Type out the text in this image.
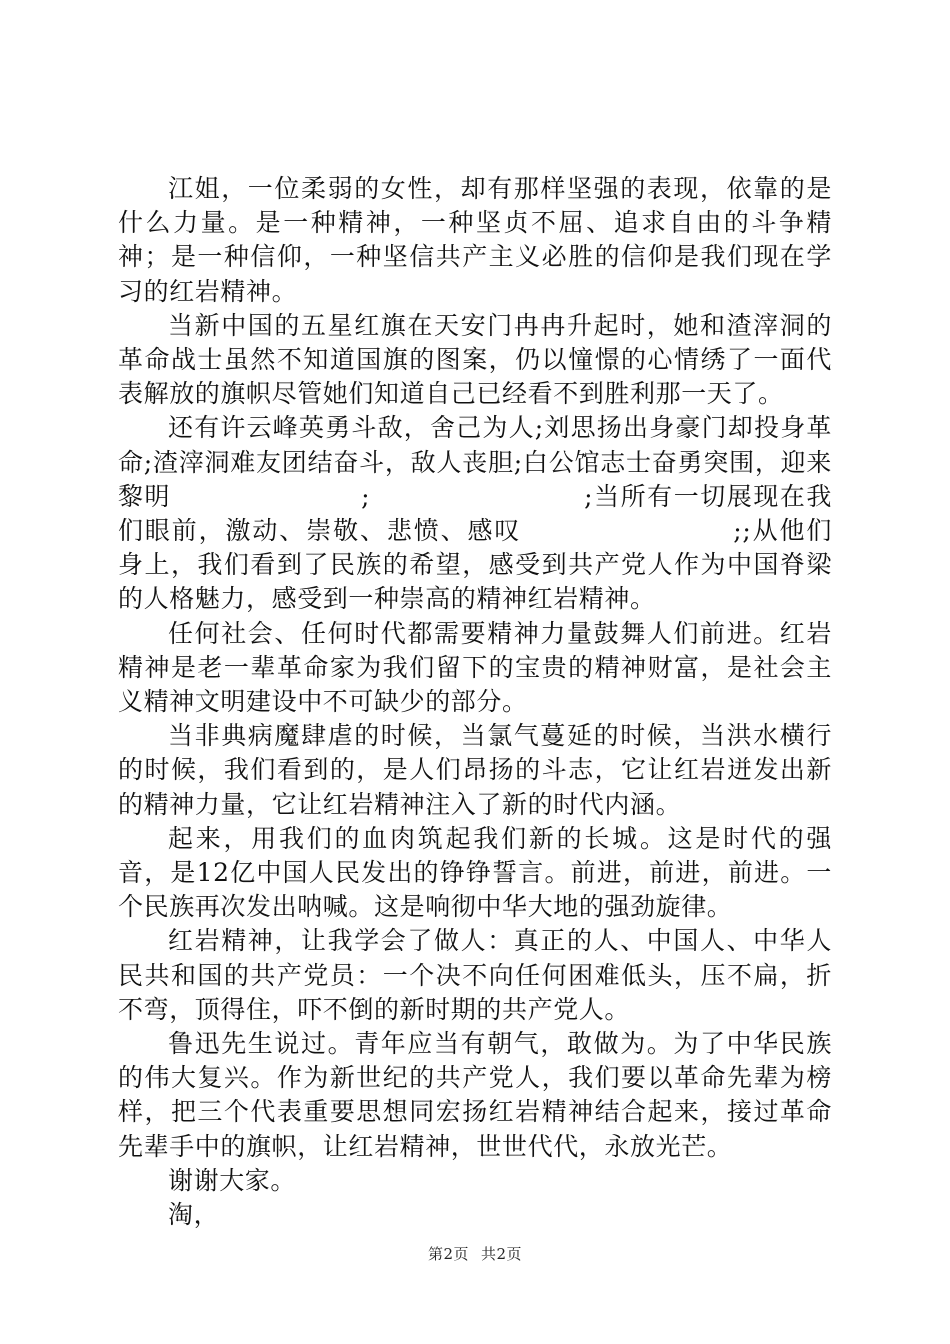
江姐，一位柔弱的女性，却有那样坚强的表现，依靠的是什么力量。是一种精神，一种坚贞不屈、追求自由的斗争精神；是一种信仰，一种坚信共产主义必胜的信仰是我们现在学习的红岩精神。

当新中国的五星红旗在天安门冉冉升起时，她和渣滓洞的革命战士虽然不知道国旗的图案，仍以憧憬的心情绣了一面代表解放的旗帜尽管她们知道自己已经看不到胜利那一天了。

还有许云峰英勇斗敌，舍己为人;刘思扬出身豪门却投身革命;渣滓洞难友团结奋斗，敌人丧胆;白公馆志士奋勇突围，迎来黎明	;	;当所有一切展现在我们眼前，激动、崇敬、悲愤、感叹	;;从他们身上，我们看到了民族的希望，感受到共产党人作为中国脊梁的人格魅力，感受到一种崇高的精神红岩精神。

任何社会、任何时代都需要精神力量鼓舞人们前进。红岩精神是老一辈革命家为我们留下的宝贵的精神财富，是社会主义精神文明建设中不可缺少的部分。

当非典病魔肆虐的时候，当氯气蔓延的时候，当洪水横行的时候，我们看到的，是人们昂扬的斗志，它让红岩迸发出新的精神力量，它让红岩精神注入了新的时代内涵。

起来，用我们的血肉筑起我们新的长城。这是时代的强音，是12亿中国人民发出的铮铮誓言。前进，前进，前进。一个民族再次发出呐喊。这是响彻中华大地的强劲旋律。

红岩精神，让我学会了做人：真正的人、中国人、中华人民共和国的共产党员：一个决不向任何困难低头，压不扁，折不弯，顶得住，吓不倒的新时期的共产党人。

鲁迅先生说过。青年应当有朝气，敢做为。为了中华民族的伟大复兴。作为新世纪的共产党人，我们要以革命先辈为榜样，把三个代表重要思想同宏扬红岩精神结合起来，接过革命先辈手中的旗帜，让红岩精神，世世代代，永放光芒。

谢谢大家。

淘，

第2页 共2页
